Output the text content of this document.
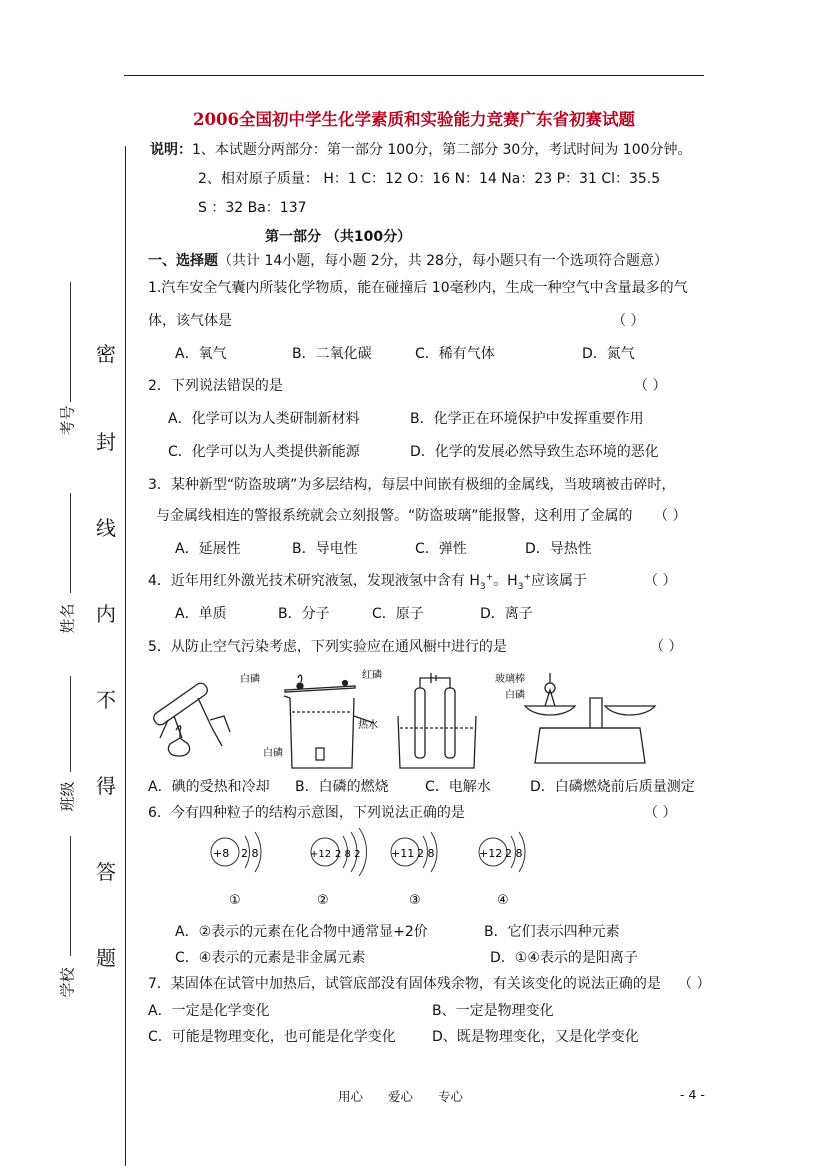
2006全国初中学生化学素质和实验能力竞赛广东省初赛试题
密
封
线
内
不
得
答
题
考号
姓名
班级
学校
说明：1、本试题分两部分：第一部分 100分，第二部分 30分，考试时间为 100分钟。
2、相对原子质量： H：1 C：12 O：16 N：14 Na：23 P：31 Cl：35.5
S ：32 Ba：137
第一部分 （共100分）
一、选择题（共计 14小题，每小题 2分，共 28分，每小题只有一个选项符合题意）
1.汽车安全气囊内所装化学物质，能在碰撞后 10毫秒内，生成一种空气中含量最多的气
体，该气体是	（ ）
A．氧气	B．二氧化碳	C．稀有气体	D．氮气
2．下列说法错误的是	（ ）
A．化学可以为人类研制新材料	B．化学正在环境保护中发挥重要作用
C．化学可以为人类提供新能源	D．化学的发展必然导致生态环境的恶化
3．某种新型“防盗玻璃”为多层结构，每层中间嵌有极细的金属线，当玻璃被击碎时，
与金属线相连的警报系统就会立刻报警。“防盗玻璃”能报警，这利用了金属的 （ ）
A．延展性	B．导电性	C．弹性	D．导热性
4．近年用红外激光技术研究液氢，发现液氢中含有 $H_3^+$。$H_3^+$应该属于	（ ）
A．单质	B．分子	C．原子	D．离子
5．从防止空气污染考虑，下列实验应在通风橱中进行的是	（ ）
白磷	红磷
热水
白磷
玻璃棒
白磷
A．碘的受热和冷却 B．白磷的燃烧	C．电解水	D．白磷燃烧前后质量测定
6．今有四种粒子的结构示意图，下列说法正确的是	（ ）
+8 2 8
①
+12 2 8 2
②
+11 2 8
③
+12 2 8
④
A．②表示的元素在化合物中通常显+2价	B．它们表示四种元素
C．④表示的元素是非金属元素	D．①④表示的是阳离子
7．某固体在试管中加热后，试管底部没有固体残余物，有关该变化的说法正确的是 （ ）
A．一定是化学变化	B、一定是物理变化
C．可能是物理变化，也可能是化学变化	D、既是物理变化，又是化学变化
用心 爱心 专心	- 4 -
